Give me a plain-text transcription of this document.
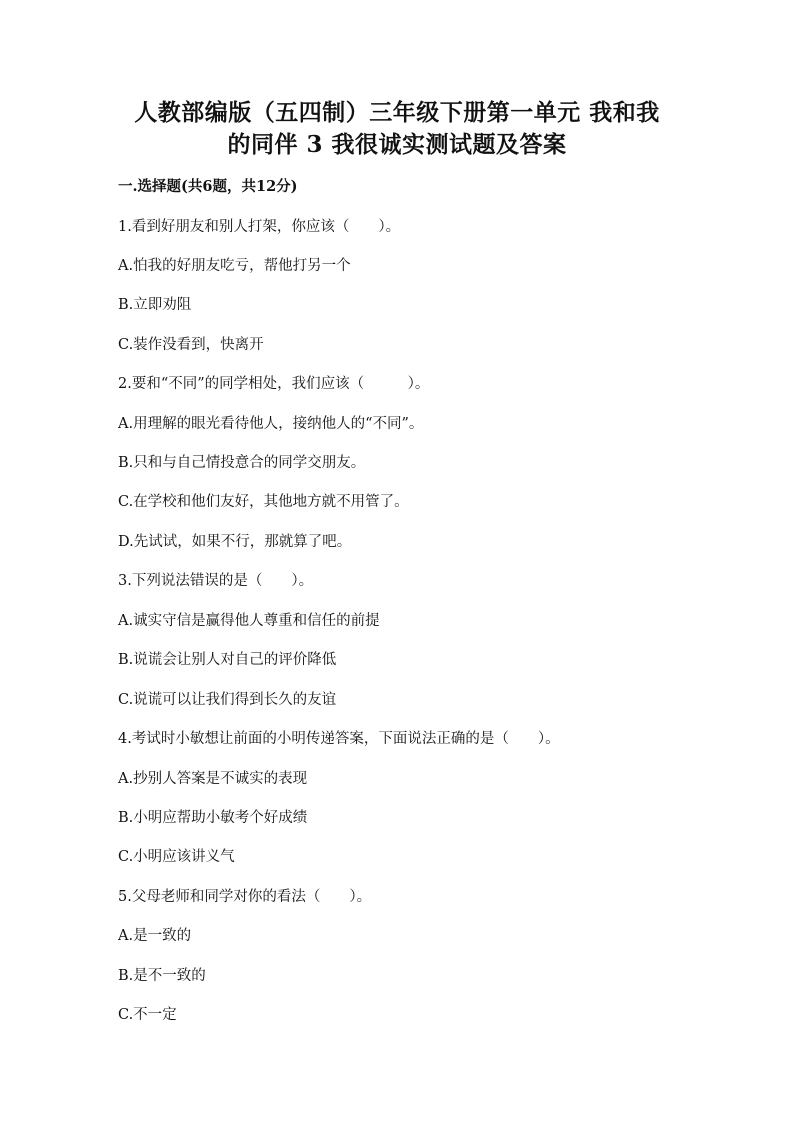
人教部编版（五四制）三年级下册第一单元 我和我
的同伴 3 我很诚实测试题及答案
一.选择题(共6题，共12分)
1.看到好朋友和别人打架，你应该（　　）。
A.怕我的好朋友吃亏，帮他打另一个
B.立即劝阻
C.装作没看到，快离开
2.要和“不同”的同学相处，我们应该（　　　）。
A.用理解的眼光看待他人，接纳他人的“不同”。
B.只和与自己情投意合的同学交朋友。
C.在学校和他们友好，其他地方就不用管了。
D.先试试，如果不行，那就算了吧。
3.下列说法错误的是（　　）。
A.诚实守信是赢得他人尊重和信任的前提
B.说谎会让别人对自己的评价降低
C.说谎可以让我们得到长久的友谊
4.考试时小敏想让前面的小明传递答案，下面说法正确的是（　　）。
A.抄别人答案是不诚实的表现
B.小明应帮助小敏考个好成绩
C.小明应该讲义气
5.父母老师和同学对你的看法（　　）。
A.是一致的
B.是不一致的
C.不一定
